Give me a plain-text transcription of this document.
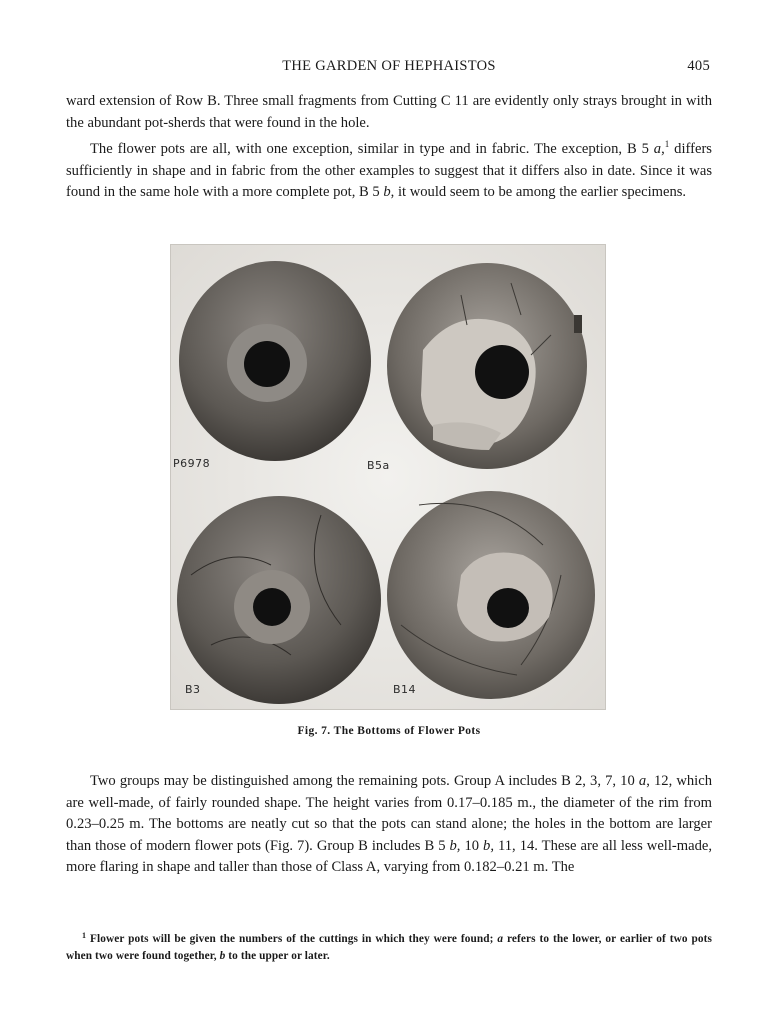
THE GARDEN OF HEPHAISTOS	405

ward extension of Row B. Three small fragments from Cutting C 11 are evidently only strays brought in with the abundant pot-sherds that were found in the hole.

The flower pots are all, with one exception, similar in type and in fabric. The exception, B 5 a,$^1$ differs sufficiently in shape and in fabric from the other examples to suggest that it differs also in date. Since it was found in the same hole with a more complete pot, B 5 b, it would seem to be among the earlier specimens.

P6978	B5a
B3	B14
Fig. 7. The Bottoms of Flower Pots

Two groups may be distinguished among the remaining pots. Group A includes B 2, 3, 7, 10 a, 12, which are well-made, of fairly rounded shape. The height varies from 0.17–0.185 m., the diameter of the rim from 0.23–0.25 m. The bottoms are neatly cut so that the pots can stand alone; the holes in the bottom are larger than those of modern flower pots (Fig. 7). Group B includes B 5 b, 10 b, 11, 14. These are all less well-made, more flaring in shape and taller than those of Class A, varying from 0.182–0.21 m. The

$^1$ Flower pots will be given the numbers of the cuttings in which they were found; a refers to the lower, or earlier of two pots when two were found together, b to the upper or later.
